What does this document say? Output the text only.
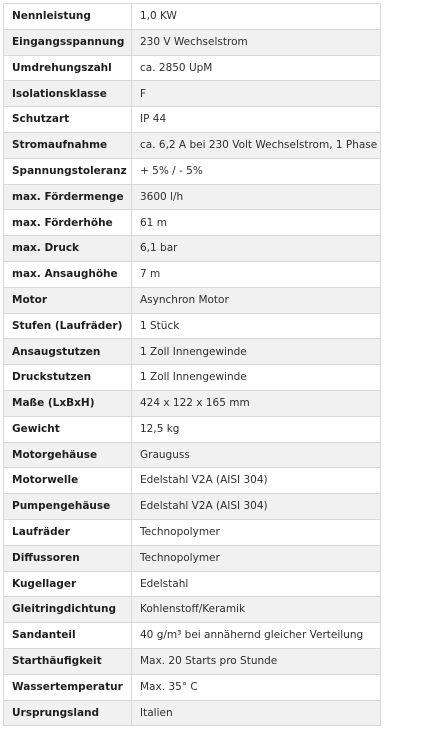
Nennleistung	1,0 KW
Eingangsspannung	230 V Wechselstrom
Umdrehungszahl	ca. 2850 UpM
Isolationsklasse	F
Schutzart	IP 44
Stromaufnahme	ca. 6,2 A bei 230 Volt Wechselstrom, 1 Phase
Spannungstoleranz	+ 5% / - 5%
max. Fördermenge	3600 l/h
max. Förderhöhe	61 m
max. Druck	6,1 bar
max. Ansaughöhe	7 m
Motor	Asynchron Motor
Stufen (Laufräder)	1 Stück
Ansaugstutzen	1 Zoll Innengewinde
Druckstutzen	1 Zoll Innengewinde
Maße (LxBxH)	424 x 122 x 165 mm
Gewicht	12,5 kg
Motorgehäuse	Grauguss
Motorwelle	Edelstahl V2A (AISI 304)
Pumpengehäuse	Edelstahl V2A (AISI 304)
Laufräder	Technopolymer
Diffussoren	Technopolymer
Kugellager	Edelstahl
Gleitringdichtung	Kohlenstoff/Keramik
Sandanteil	40 g/m³ bei annähernd gleicher Verteilung
Starthäufigkeit	Max. 20 Starts pro Stunde
Wassertemperatur	Max. 35° C
Ursprungsland	Italien
